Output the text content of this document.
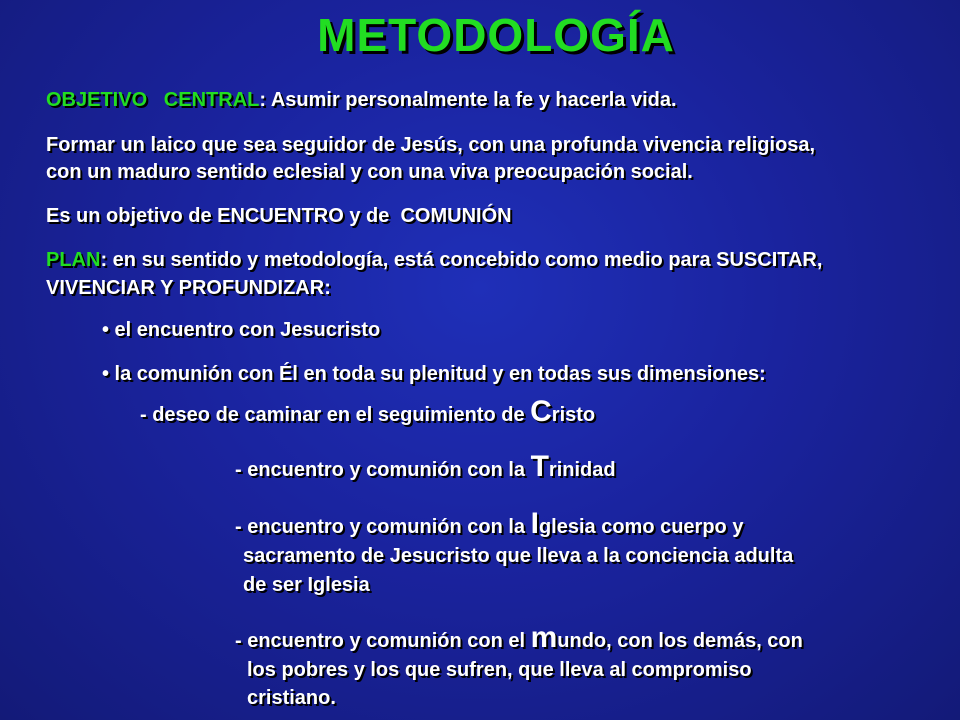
METODOLOGÍA
OBJETIVO   CENTRAL: Asumir personalmente la fe y hacerla vida.
Formar un laico que sea seguidor de Jesús, con una profunda vivencia religiosa,
con un maduro sentido eclesial y con una viva preocupación social.
Es un objetivo de ENCUENTRO y de  COMUNIÓN
PLAN: en su sentido y metodología, está concebido como medio para SUSCITAR,
VIVENCIAR Y PROFUNDIZAR:
• el encuentro con Jesucristo
• la comunión con Él en toda su plenitud y en todas sus dimensiones:
- deseo de caminar en el seguimiento de Cristo
- encuentro y comunión con la Trinidad
- encuentro y comunión con la Iglesia como cuerpo y
sacramento de Jesucristo que lleva a la conciencia adulta
de ser Iglesia
- encuentro y comunión con el mundo, con los demás, con
los pobres y los que sufren, que lleva al compromiso
cristiano.
